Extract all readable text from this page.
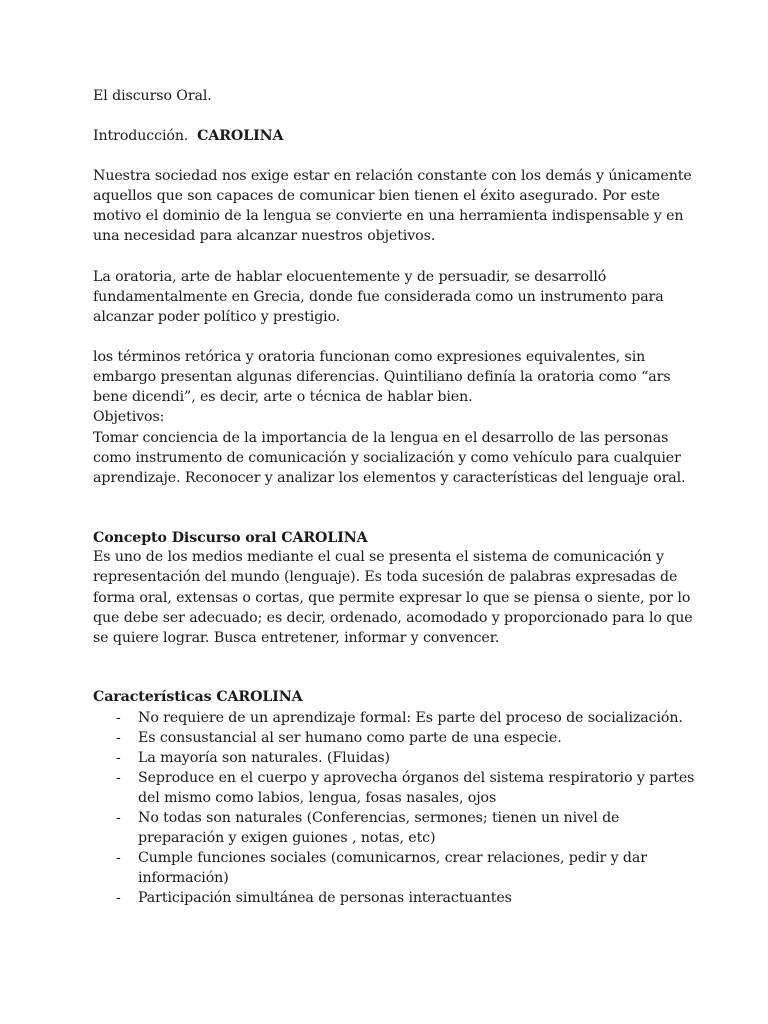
El discurso Oral.
Introducción. CAROLINA
Nuestra sociedad nos exige estar en relación constante con los demás y únicamente
aquellos que son capaces de comunicar bien tienen el éxito asegurado. Por este
motivo el dominio de la lengua se convierte en una herramienta indispensable y en
una necesidad para alcanzar nuestros objetivos.
La oratoria, arte de hablar elocuentemente y de persuadir, se desarrolló
fundamentalmente en Grecia, donde fue considerada como un instrumento para
alcanzar poder político y prestigio.
los términos retórica y oratoria funcionan como expresiones equivalentes, sin
embargo presentan algunas diferencias. Quintiliano definía la oratoria como “ars
bene dicendi”, es decir, arte o técnica de hablar bien.
Objetivos:
Tomar conciencia de la importancia de la lengua en el desarrollo de las personas
como instrumento de comunicación y socialización y como vehículo para cualquier
aprendizaje. Reconocer y analizar los elementos y características del lenguaje oral.
Concepto Discurso oral CAROLINA
Es uno de los medios mediante el cual se presenta el sistema de comunicación y
representación del mundo (lenguaje). Es toda sucesión de palabras expresadas de
forma oral, extensas o cortas, que permite expresar lo que se piensa o siente, por lo
que debe ser adecuado; es decir, ordenado, acomodado y proporcionado para lo que
se quiere lograr. Busca entretener, informar y convencer.
Características CAROLINA
- No requiere de un aprendizaje formal: Es parte del proceso de socialización.
- Es consustancial al ser humano como parte de una especie.
- La mayoría son naturales. (Fluidas)
- Seproduce en el cuerpo y aprovecha órganos del sistema respiratorio y partes
del mismo como labios, lengua, fosas nasales, ojos
- No todas son naturales (Conferencias, sermones; tienen un nivel de
preparación y exigen guiones , notas, etc)
- Cumple funciones sociales (comunicarnos, crear relaciones, pedir y dar
información)
- Participación simultánea de personas interactuantes
